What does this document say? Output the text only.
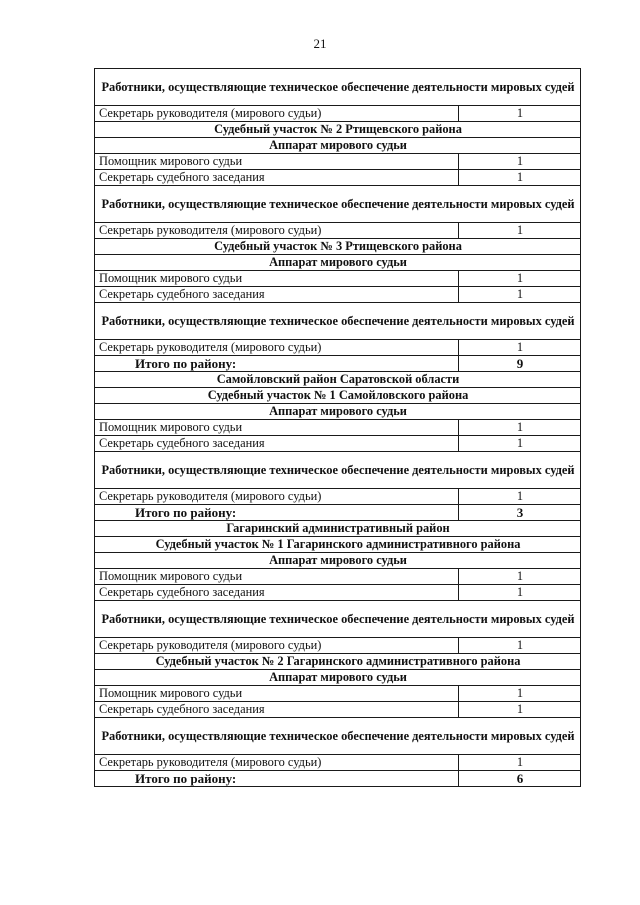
21
Работники, осуществляющие техническое обеспечение деятельности мировых судей	
Секретарь руководителя (мирового судьи)	1
Судебный участок № 2 Ртищевского района	
Аппарат мирового судьи	
Помощник мирового судьи	1
Секретарь судебного заседания	1
Работники, осуществляющие техническое обеспечение деятельности мировых судей	
Секретарь руководителя (мирового судьи)	1
Судебный участок № 3 Ртищевского района	
Аппарат мирового судьи	
Помощник мирового судьи	1
Секретарь судебного заседания	1
Работники, осуществляющие техническое обеспечение деятельности мировых судей	
Секретарь руководителя (мирового судьи)	1
Итого по району:	9
Самойловский район Саратовской области	
Судебный участок № 1 Самойловского района	
Аппарат мирового судьи	
Помощник мирового судьи	1
Секретарь судебного заседания	1
Работники, осуществляющие техническое обеспечение деятельности мировых судей	
Секретарь руководителя (мирового судьи)	1
Итого по району:	3
Гагаринский административный район	
Судебный участок № 1 Гагаринского административного района	
Аппарат мирового судьи	
Помощник мирового судьи	1
Секретарь судебного заседания	1
Работники, осуществляющие техническое обеспечение деятельности мировых судей	
Секретарь руководителя (мирового судьи)	1
Судебный участок № 2 Гагаринского административного района	
Аппарат мирового судьи	
Помощник мирового судьи	1
Секретарь судебного заседания	1
Работники, осуществляющие техническое обеспечение деятельности мировых судей	
Секретарь руководителя (мирового судьи)	1
Итого по району:	6
